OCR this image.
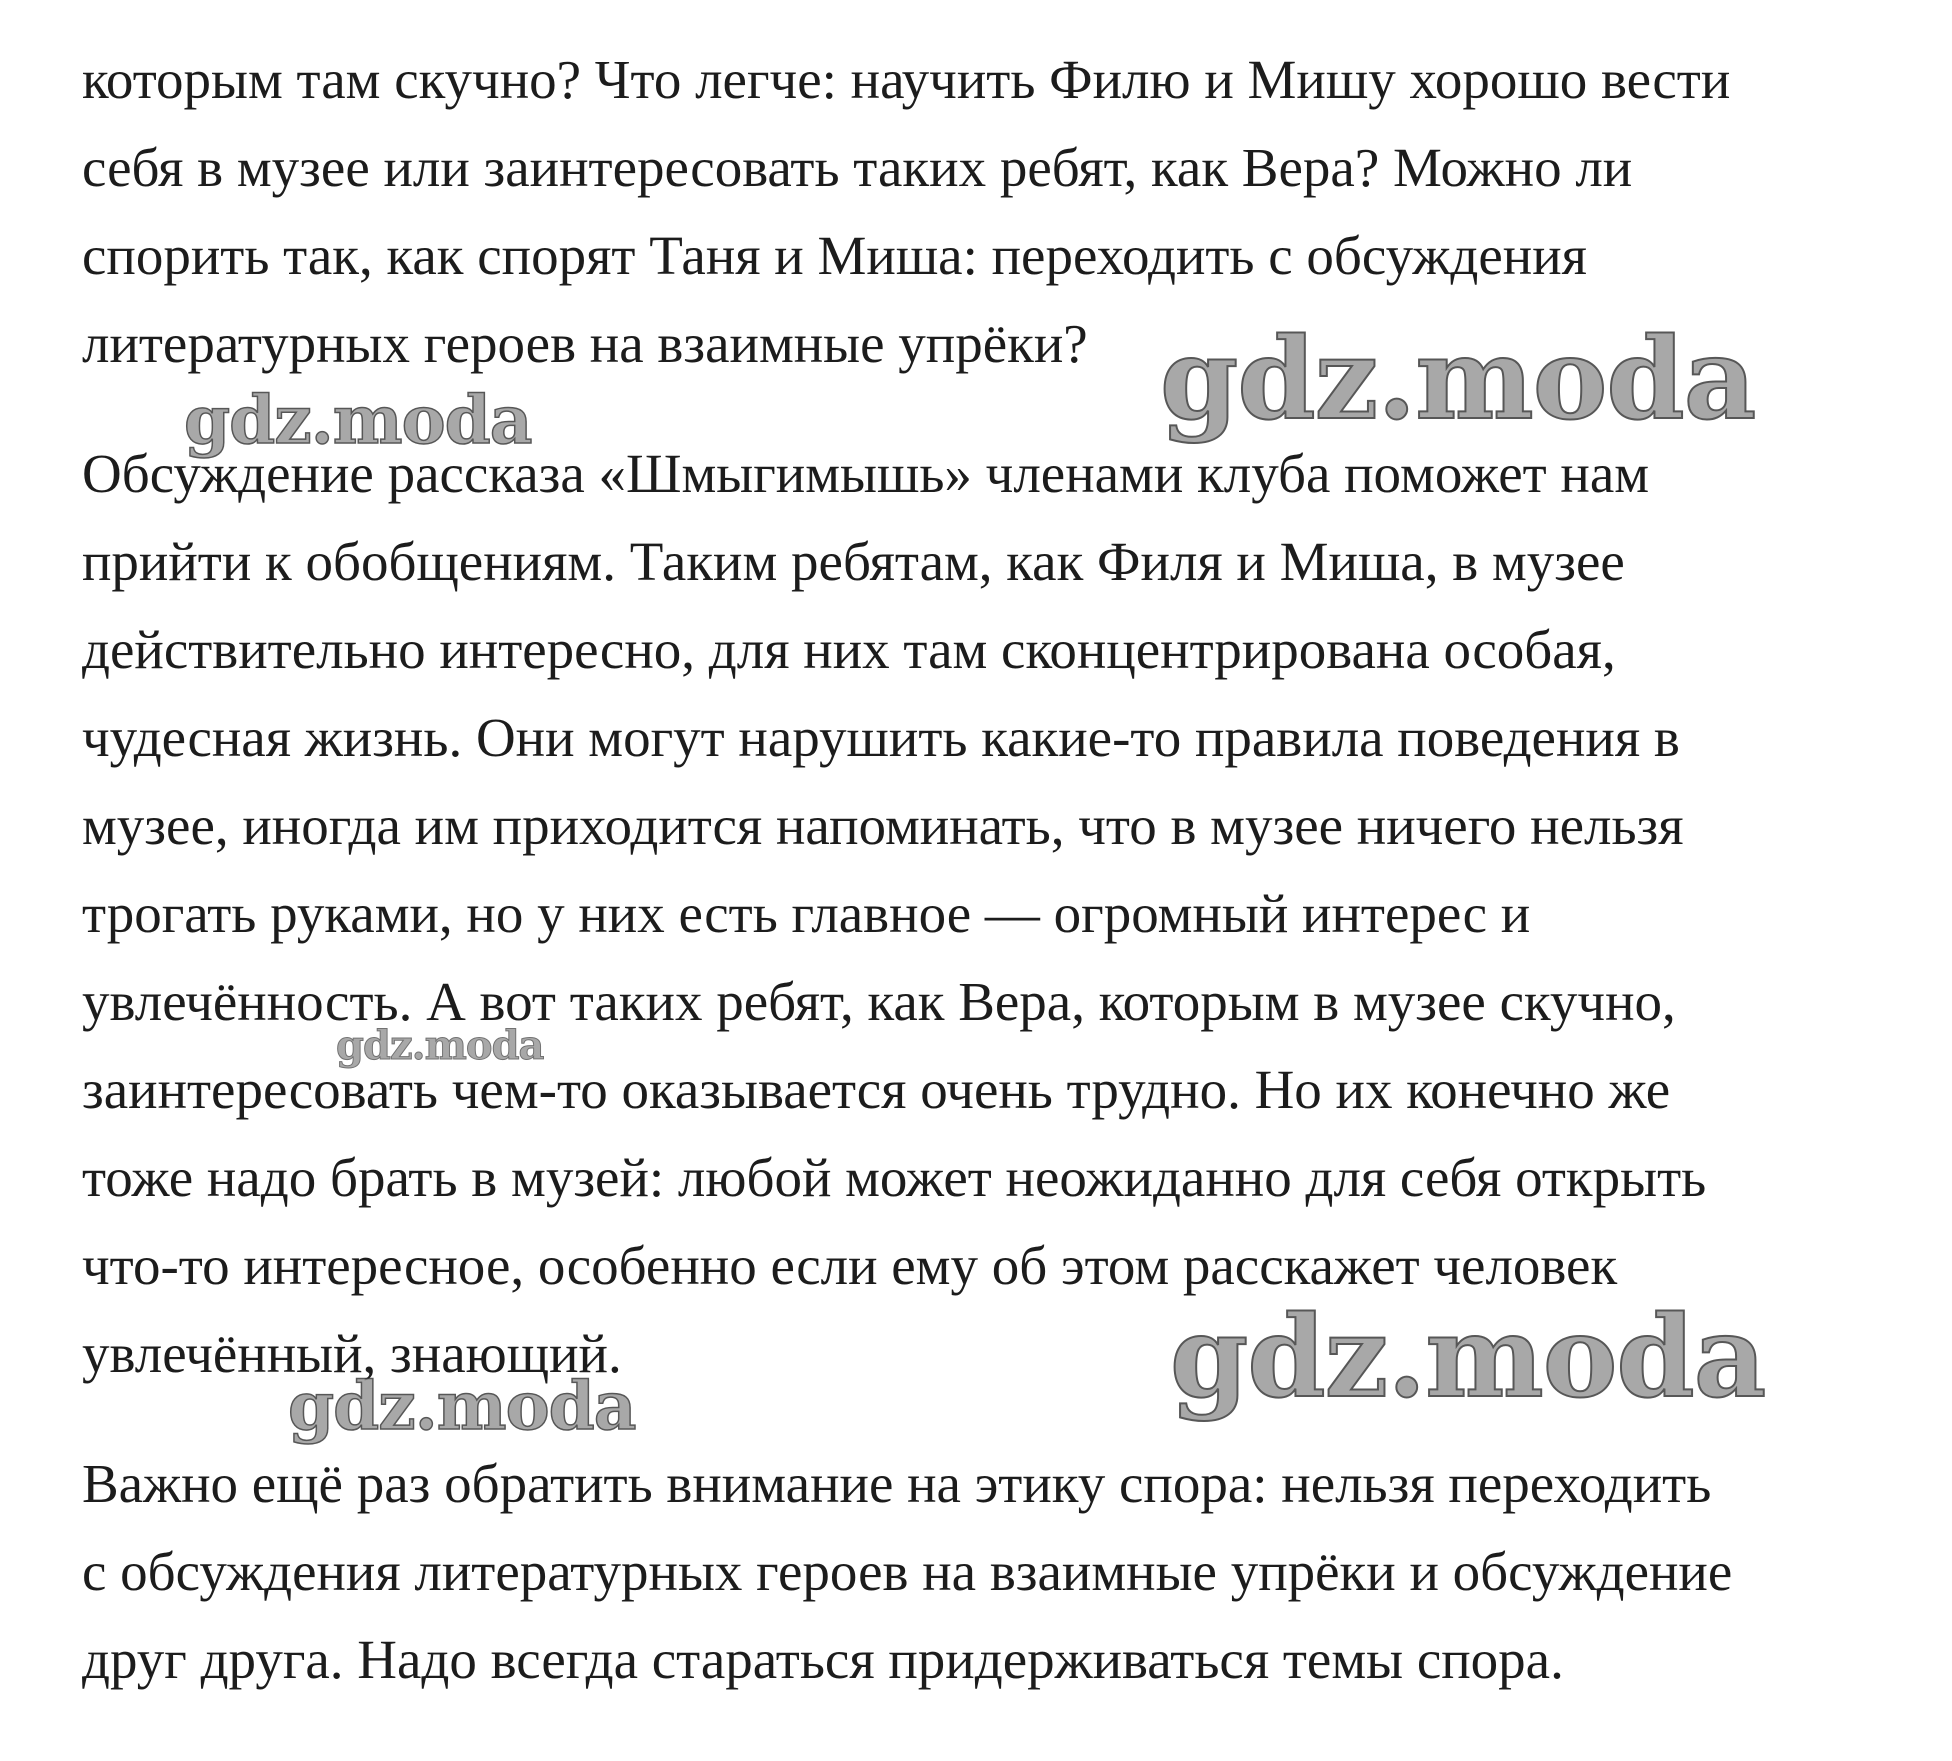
которым там скучно? Что легче: научить Филю и Мишу хорошо вести
себя в музее или заинтересовать таких ребят, как Вера? Можно ли
спорить так, как спорят Таня и Миша: переходить с обсуждения
литературных героев на взаимные упрёки?
Обсуждение рассказа «Шмыгимышь» членами клуба поможет нам
прийти к обобщениям. Таким ребятам, как Филя и Миша, в музее
действительно интересно, для них там сконцентрирована особая,
чудесная жизнь. Они могут нарушить какие-то правила поведения в
музее, иногда им приходится напоминать, что в музее ничего нельзя
трогать руками, но у них есть главное — огромный интерес и
увлечённость. А вот таких ребят, как Вера, которым в музее скучно,
заинтересовать чем-то оказывается очень трудно. Но их конечно же
тоже надо брать в музей: любой может неожиданно для себя открыть
что-то интересное, особенно если ему об этом расскажет человек
увлечённый, знающий.
Важно ещё раз обратить внимание на этику спора: нельзя переходить
с обсуждения литературных героев на взаимные упрёки и обсуждение
друг друга. Надо всегда стараться придерживаться темы спора.
gdz.moda
gdz.moda
gdz.moda
gdz.moda
gdz.moda
